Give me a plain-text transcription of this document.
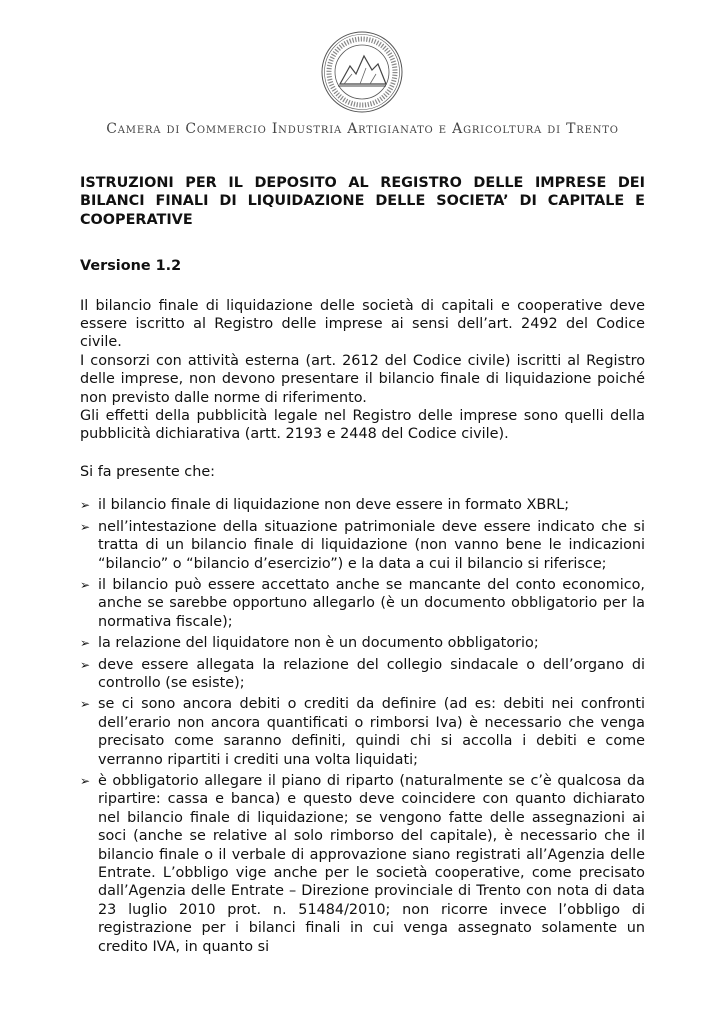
Camera di Commercio Industria Artigianato e Agricoltura di Trento

ISTRUZIONI PER IL DEPOSITO AL REGISTRO DELLE IMPRESE DEI BILANCI FINALI DI LIQUIDAZIONE DELLE SOCIETA’ DI CAPITALE E COOPERATIVE

Versione 1.2

Il bilancio finale di liquidazione delle società di capitali e cooperative deve essere iscritto al Registro delle imprese ai sensi dell’art. 2492 del Codice civile.

I consorzi con attività esterna (art. 2612 del Codice civile) iscritti al Registro delle imprese, non devono presentare il bilancio finale di liquidazione poiché non previsto dalle norme di riferimento.

Gli effetti della pubblicità legale nel Registro delle imprese sono quelli della pubblicità dichiarativa (artt. 2193 e 2448 del Codice civile).

Si fa presente che:

➢ il bilancio finale di liquidazione non deve essere in formato XBRL;
➢ nell’intestazione della situazione patrimoniale deve essere indicato che si tratta di un bilancio finale di liquidazione (non vanno bene le indicazioni “bilancio” o “bilancio d’esercizio”) e la data a cui il bilancio si riferisce;
➢ il bilancio può essere accettato anche se mancante del conto economico, anche se sarebbe opportuno allegarlo (è un documento obbligatorio per la normativa fiscale);
➢ la relazione del liquidatore non è un documento obbligatorio;
➢ deve essere allegata la relazione del collegio sindacale o dell’organo di controllo (se esiste);
➢ se ci sono ancora debiti o crediti da definire (ad es: debiti nei confronti dell’erario non ancora quantificati o rimborsi Iva) è necessario che venga precisato come saranno definiti, quindi chi si accolla i debiti e come verranno ripartiti i crediti una volta liquidati;
➢ è obbligatorio allegare il piano di riparto (naturalmente se c’è qualcosa da ripartire: cassa e banca) e questo deve coincidere con quanto dichiarato nel bilancio finale di liquidazione; se vengono fatte delle assegnazioni ai soci (anche se relative al solo rimborso del capitale), è necessario che il bilancio finale o il verbale di approvazione siano registrati all’Agenzia delle Entrate. L’obbligo vige anche per le società cooperative, come precisato dall’Agenzia delle Entrate – Direzione provinciale di Trento con nota di data 23 luglio 2010 prot. n. 51484/2010; non ricorre invece l’obbligo di registrazione per i bilanci finali in cui venga assegnato solamente un credito IVA, in quanto si
